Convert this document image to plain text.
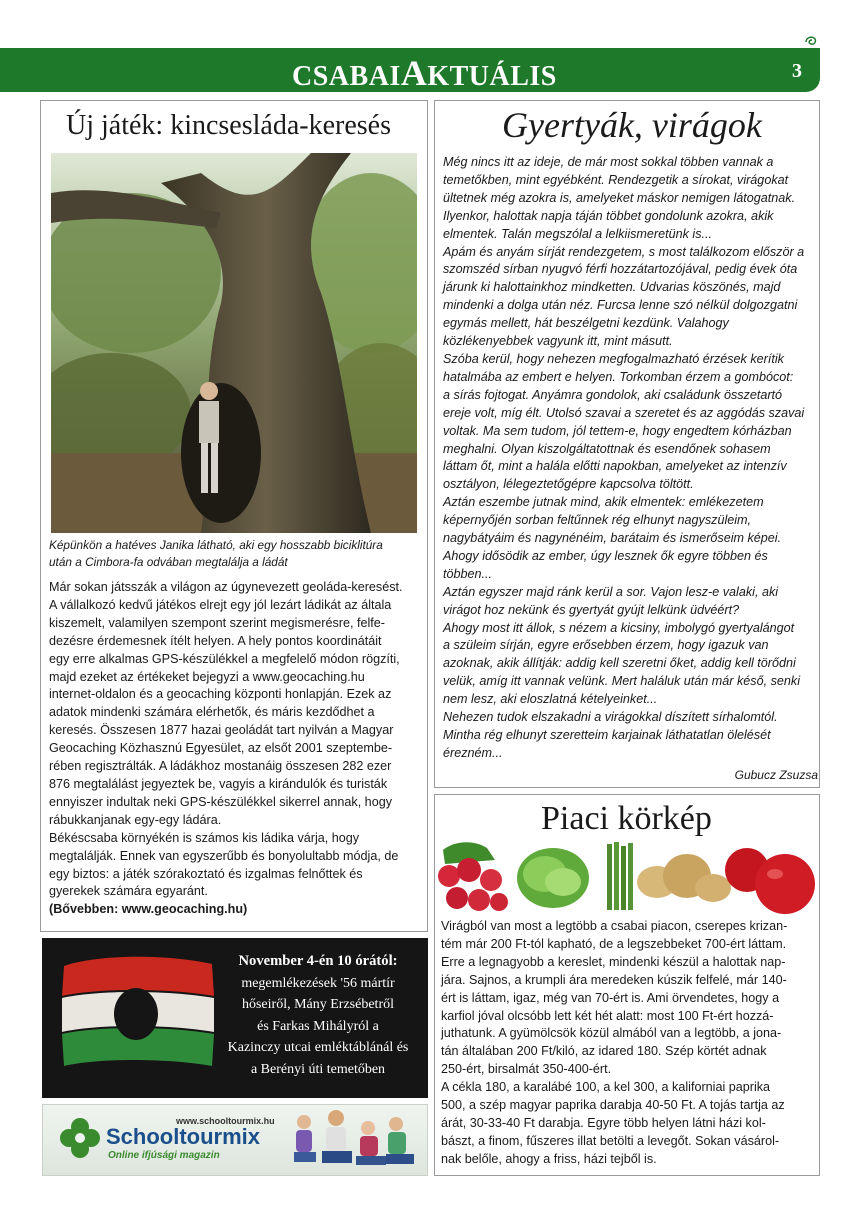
CSABAIAKTUÁLIS	3
Új játék: kincsesláda-keresés
Képünkön a hatéves Janika látható, aki egy hosszabb biciklitúra
után a Cimbora-fa odvában megtalálja a ládát

Már sokan játsszák a világon az úgynevezett geoláda-keresést.

A vállalkozó kedvű játékos elrejt egy jól lezárt ládikát az általa

kiszemelt, valamilyen szempont szerint megismerésre, felfe-

dezésre érdemesnek ítélt helyen. A hely pontos koordinátáit

egy erre alkalmas GPS-készülékkel a megfelelő módon rögzíti,

majd ezeket az értékeket bejegyzi a www.geocaching.hu

internet-oldalon és a geocaching központi honlapján. Ezek az

adatok mindenki számára elérhetők, és máris kezdődhet a

keresés. Összesen 1877 hazai geoládát tart nyilván a Magyar

Geocaching Közhasznú Egyesület, az elsőt 2001 szeptembe-

rében regisztrálták. A ládákhoz mostanáig összesen 282 ezer

876 megtalálást jegyeztek be, vagyis a kirándulók és turisták

ennyiszer indultak neki GPS-készülékkel sikerrel annak, hogy

rábukkanjanak egy-egy ládára.

Békéscsaba környékén is számos kis ládika várja, hogy

megtalálják. Ennek van egyszerűbb és bonyolultabb módja, de

egy biztos: a játék szórakoztató és izgalmas felnőttek és

gyerekek számára egyaránt.

(Bővebben: www.geocaching.hu)

Gyertyák, virágok

Még nincs itt az ideje, de már most sokkal többen vannak a

temetőkben, mint egyébként. Rendezgetik a sírokat, virágokat

ültetnek még azokra is, amelyeket máskor nemigen látogatnak.

Ilyenkor, halottak napja táján többet gondolunk azokra, akik

elmentek. Talán megszólal a lelkiismeretünk is...

Apám és anyám sírját rendezgetem, s most találkozom először a

szomszéd sírban nyugvó férfi hozzátartozójával, pedig évek óta

járunk ki halottainkhoz mindketten. Udvarias köszönés, majd

mindenki a dolga után néz. Furcsa lenne szó nélkül dolgozgatni

egymás mellett, hát beszélgetni kezdünk. Valahogy

közlékenyebbek vagyunk itt, mint másutt.

Szóba kerül, hogy nehezen megfogalmazható érzések kerítik

hatalmába az embert e helyen. Torkomban érzem a gombócot:

a sírás fojtogat. Anyámra gondolok, aki családunk összetartó

ereje volt, míg élt. Utolsó szavai a szeretet és az aggódás szavai

voltak. Ma sem tudom, jól tettem-e, hogy engedtem kórházban

meghalni. Olyan kiszolgáltatottnak és esendőnek sohasem

láttam őt, mint a halála előtti napokban, amelyeket az intenzív

osztályon, lélegeztetőgépre kapcsolva töltött.

Aztán eszembe jutnak mind, akik elmentek: emlékezetem

képernyőjén sorban feltűnnek rég elhunyt nagyszüleim,

nagybátyáim és nagynénéim, barátaim és ismerőseim képei.

Ahogy idősödik az ember, úgy lesznek ők egyre többen és

többen...

Aztán egyszer majd ránk kerül a sor. Vajon lesz-e valaki, aki

virágot hoz nekünk és gyertyát gyújt lelkünk üdvéért?

Ahogy most itt állok, s nézem a kicsiny, imbolygó gyertyalángot

a szüleim sírján, egyre erősebben érzem, hogy igazuk van

azoknak, akik állítják: addig kell szeretni őket, addig kell törődni

velük, amíg itt vannak velünk. Mert haláluk után már késő, senki

nem lesz, aki eloszlatná kételyeinket...

Nehezen tudok elszakadni a virágokkal díszített sírhalomtól.

Mintha rég elhunyt szeretteim karjainak láthatatlan ölelését

érezném...

Gubucz Zsuzsa
Piaci körkép

Virágból van most a legtöbb a csabai piacon, cserepes krizan-

tém már 200 Ft-tól kapható, de a legszebbeket 700-ért láttam.

Erre a legnagyobb a kereslet, mindenki készül a halottak nap-

jára. Sajnos, a krumpli ára meredeken kúszik felfelé, már 140-

ért is láttam, igaz, még van 70-ért is. Ami örvendetes, hogy a

karfiol jóval olcsóbb lett két hét alatt: most 100 Ft-ért hozzá-

juthatunk. A gyümölcsök közül almából van a legtöbb, a jona-

tán általában 200 Ft/kiló, az idared 180. Szép körtét adnak

250-ért, birsalmát 350-400-ért.

A cékla 180, a karalábé 100, a kel 300, a kaliforniai paprika

500, a szép magyar paprika darabja 40-50 Ft. A tojás tartja az

árát, 30-33-40 Ft darabja. Egyre több helyen látni házi kol-

bászt, a finom, fűszeres illat betölti a levegőt. Sokan vásárol-

nak belőle, ahogy a friss, házi tejből is.

November 4-én 10 órától:
megemlékezések '56 mártír
hőseiről, Mány Erzsébetről
és Farkas Mihályról a
Kazinczy utcai emléktáblánál és
a Berényi úti temetőben
www.schooltourmix.hu
Schooltourmix
Online ifjúsági magazin
